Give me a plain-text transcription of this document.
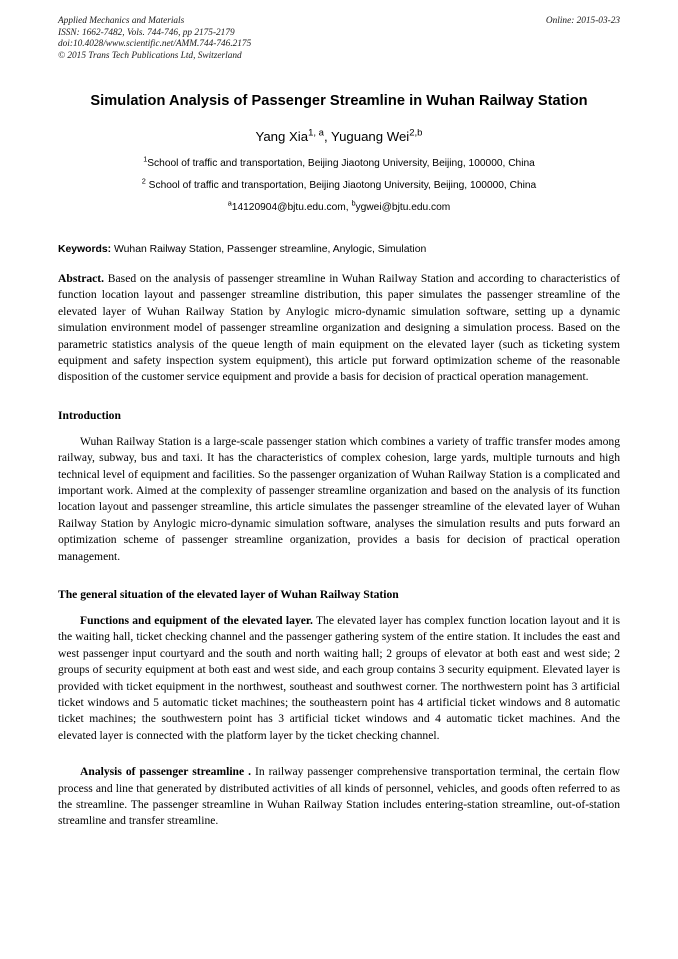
Applied Mechanics and Materials
ISSN: 1662-7482, Vols. 744-746, pp 2175-2179
doi:10.4028/www.scientific.net/AMM.744-746.2175
© 2015 Trans Tech Publications Ltd, Switzerland
Online: 2015-03-23
Simulation Analysis of Passenger Streamline in Wuhan Railway Station
Yang Xia$^{1, a}$, Yuguang Wei$^{2,b}$
$^1$School of traffic and transportation, Beijing Jiaotong University, Beijing, 100000, China
$^2$ School of traffic and transportation, Beijing Jiaotong University, Beijing, 100000, China
$^a$14120904@bjtu.edu.com, $^b$ygwei@bjtu.edu.com
Keywords: Wuhan Railway Station, Passenger streamline, Anylogic, Simulation
Abstract. Based on the analysis of passenger streamline in Wuhan Railway Station and according to characteristics of function location layout and passenger streamline distribution, this paper simulates the passenger streamline of the elevated layer of Wuhan Railway Station by Anylogic micro-dynamic simulation software, setting up a dynamic simulation environment model of passenger streamline organization and designing a simulation process. Based on the parametric statistics analysis of the queue length of main equipment on the elevated layer (such as ticketing system equipment and safety inspection system equipment), this article put forward optimization scheme of the reasonable disposition of the customer service equipment and provide a basis for decision of practical operation management.
Introduction
Wuhan Railway Station is a large-scale passenger station which combines a variety of traffic transfer modes among railway, subway, bus and taxi. It has the characteristics of complex cohesion, large yards, multiple turnouts and high technical level of equipment and facilities. So the passenger organization of Wuhan Railway Station is a complicated and important work. Aimed at the complexity of passenger streamline organization and based on the analysis of its function location layout and passenger streamline, this article simulates the passenger streamline of the elevated layer of Wuhan Railway Station by Anylogic micro-dynamic simulation software, analyses the simulation results and puts forward an optimization scheme of passenger streamline organization, provides a basis for decision of practical operation management.
The general situation of the elevated layer of Wuhan Railway Station
Functions and equipment of the elevated layer. The elevated layer has complex function location layout and it is the waiting hall, ticket checking channel and the passenger gathering system of the entire station. It includes the east and west passenger input courtyard and the south and north waiting hall; 2 groups of elevator at both east and west side; 2 groups of security equipment at both east and west side, and each group contains 3 security equipment. Elevated layer is provided with ticket equipment in the northwest, southeast and southwest corner. The northwestern point has 3 artificial ticket windows and 5 automatic ticket machines; the southeastern point has 4 artificial ticket windows and 8 automatic ticket machines; the southwestern point has 3 artificial ticket windows and 4 automatic ticket machines. And the elevated layer is connected with the platform layer by the ticket checking channel.
Analysis of passenger streamline . In railway passenger comprehensive transportation terminal, the certain flow process and line that generated by distributed activities of all kinds of personnel, vehicles, and goods often referred to as the streamline. The passenger streamline in Wuhan Railway Station includes entering-station streamline, out-of-station streamline and transfer streamline.
